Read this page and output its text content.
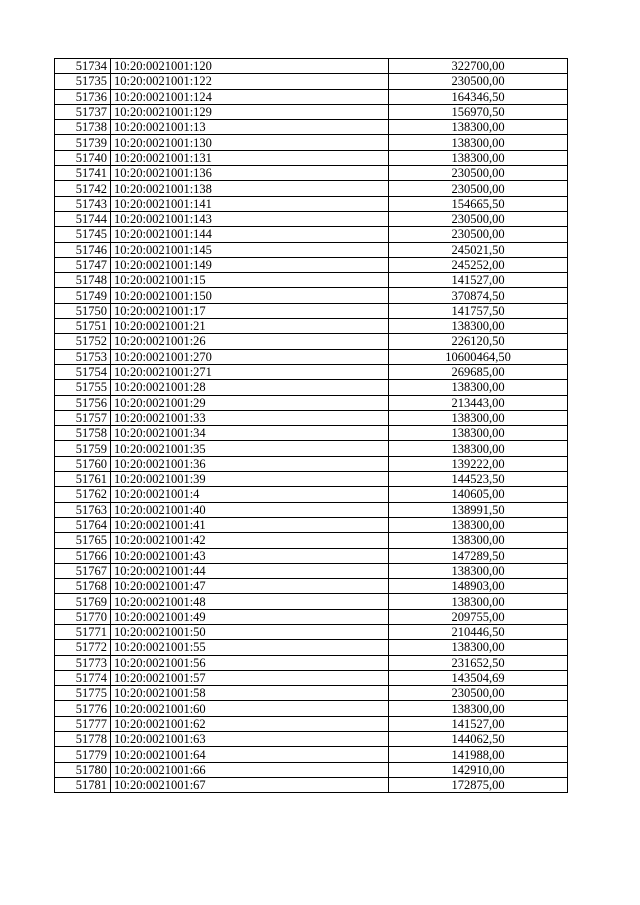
51734	10:20:0021001:120	322700,00
51735	10:20:0021001:122	230500,00
51736	10:20:0021001:124	164346,50
51737	10:20:0021001:129	156970,50
51738	10:20:0021001:13	138300,00
51739	10:20:0021001:130	138300,00
51740	10:20:0021001:131	138300,00
51741	10:20:0021001:136	230500,00
51742	10:20:0021001:138	230500,00
51743	10:20:0021001:141	154665,50
51744	10:20:0021001:143	230500,00
51745	10:20:0021001:144	230500,00
51746	10:20:0021001:145	245021,50
51747	10:20:0021001:149	245252,00
51748	10:20:0021001:15	141527,00
51749	10:20:0021001:150	370874,50
51750	10:20:0021001:17	141757,50
51751	10:20:0021001:21	138300,00
51752	10:20:0021001:26	226120,50
51753	10:20:0021001:270	10600464,50
51754	10:20:0021001:271	269685,00
51755	10:20:0021001:28	138300,00
51756	10:20:0021001:29	213443,00
51757	10:20:0021001:33	138300,00
51758	10:20:0021001:34	138300,00
51759	10:20:0021001:35	138300,00
51760	10:20:0021001:36	139222,00
51761	10:20:0021001:39	144523,50
51762	10:20:0021001:4	140605,00
51763	10:20:0021001:40	138991,50
51764	10:20:0021001:41	138300,00
51765	10:20:0021001:42	138300,00
51766	10:20:0021001:43	147289,50
51767	10:20:0021001:44	138300,00
51768	10:20:0021001:47	148903,00
51769	10:20:0021001:48	138300,00
51770	10:20:0021001:49	209755,00
51771	10:20:0021001:50	210446,50
51772	10:20:0021001:55	138300,00
51773	10:20:0021001:56	231652,50
51774	10:20:0021001:57	143504,69
51775	10:20:0021001:58	230500,00
51776	10:20:0021001:60	138300,00
51777	10:20:0021001:62	141527,00
51778	10:20:0021001:63	144062,50
51779	10:20:0021001:64	141988,00
51780	10:20:0021001:66	142910,00
51781	10:20:0021001:67	172875,00
